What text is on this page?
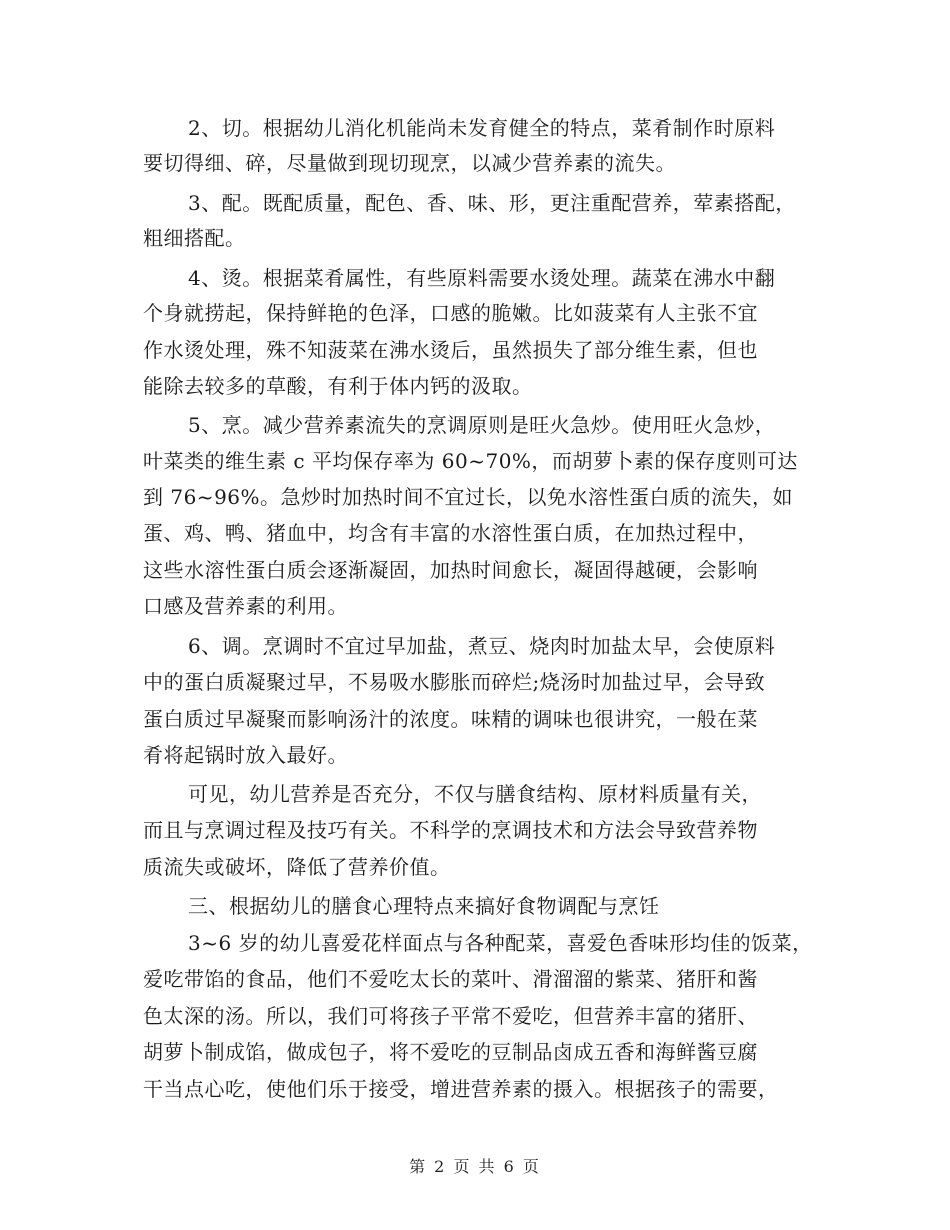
2、切。根据幼儿消化机能尚未发育健全的特点，菜肴制作时原料
要切得细、碎，尽量做到现切现烹，以减少营养素的流失。
3、配。既配质量，配色、香、味、形，更注重配营养，荤素搭配，
粗细搭配。
4、烫。根据菜肴属性，有些原料需要水烫处理。蔬菜在沸水中翻
个身就捞起，保持鲜艳的色泽，口感的脆嫩。比如菠菜有人主张不宜
作水烫处理，殊不知菠菜在沸水烫后，虽然损失了部分维生素，但也
能除去较多的草酸，有利于体内钙的汲取。
5、烹。减少营养素流失的烹调原则是旺火急炒。使用旺火急炒，
叶菜类的维生素 c 平均保存率为 60~70%，而胡萝卜素的保存度则可达
到 76~96%。急炒时加热时间不宜过长，以免水溶性蛋白质的流失，如
蛋、鸡、鸭、猪血中，均含有丰富的水溶性蛋白质，在加热过程中，
这些水溶性蛋白质会逐渐凝固，加热时间愈长，凝固得越硬，会影响
口感及营养素的利用。
6、调。烹调时不宜过早加盐，煮豆、烧肉时加盐太早，会使原料
中的蛋白质凝聚过早，不易吸水膨胀而碎烂;烧汤时加盐过早，会导致
蛋白质过早凝聚而影响汤汁的浓度。味精的调味也很讲究，一般在菜
肴将起锅时放入最好。
可见，幼儿营养是否充分，不仅与膳食结构、原材料质量有关，
而且与烹调过程及技巧有关。不科学的烹调技术和方法会导致营养物
质流失或破坏，降低了营养价值。
三、根据幼儿的膳食心理特点来搞好食物调配与烹饪
3~6 岁的幼儿喜爱花样面点与各种配菜，喜爱色香味形均佳的饭菜，
爱吃带馅的食品，他们不爱吃太长的菜叶、滑溜溜的紫菜、猪肝和酱
色太深的汤。所以，我们可将孩子平常不爱吃，但营养丰富的猪肝、
胡萝卜制成馅，做成包子，将不爱吃的豆制品卤成五香和海鲜酱豆腐
干当点心吃，使他们乐于接受，增进营养素的摄入。根据孩子的需要，
第 2 页 共 6 页
